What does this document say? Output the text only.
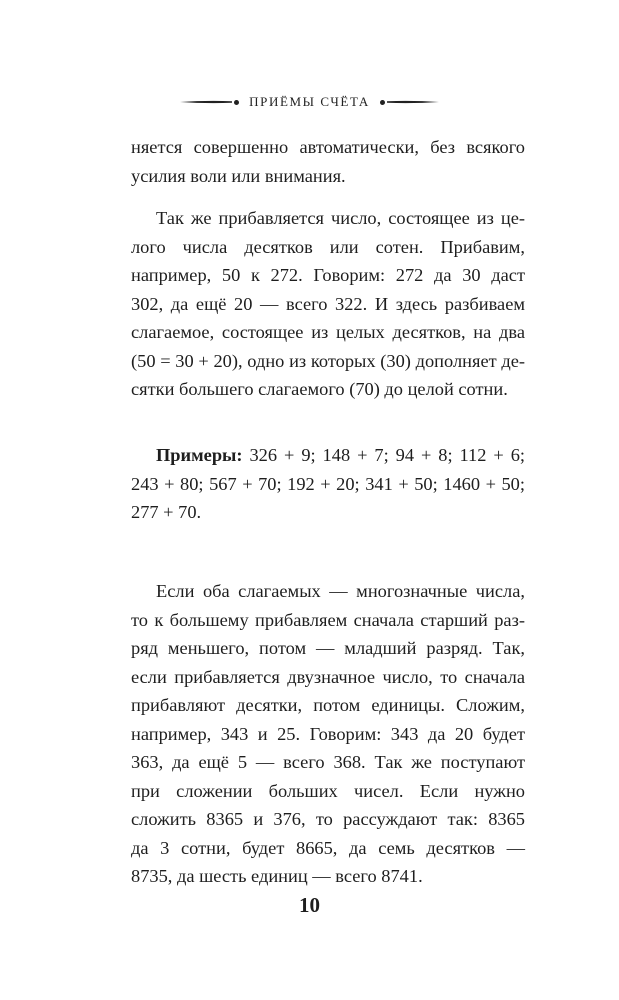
ПРИЁМЫ СЧЁТА
няется совершенно автоматически, без всякого
усилия воли или внимания.
Так же прибавляется число, состоящее из це-
лого числа десятков или сотен. Прибавим,
например, 50 к 272. Говорим: 272 да 30 даст
302, да ещё 20 — всего 322. И здесь разбиваем
слагаемое, состоящее из целых десятков, на два
(50 = 30 + 20), одно из которых (30) дополняет де-
сятки большего слагаемого (70) до целой сотни.
Примеры: 326 + 9; 148 + 7; 94 + 8; 112 + 6;
243 + 80; 567 + 70; 192 + 20; 341 + 50; 1460 + 50;
277 + 70.
Если оба слагаемых — многозначные числа,
то к большему прибавляем сначала старший раз-
ряд меньшего, потом — младший разряд. Так,
если прибавляется двузначное число, то сначала
прибавляют десятки, потом единицы. Сложим,
например, 343 и 25. Говорим: 343 да 20 будет
363, да ещё 5 — всего 368. Так же поступают
при сложении больших чисел. Если нужно
сложить 8365 и 376, то рассуждают так: 8365
да 3 сотни, будет 8665, да семь десятков —
8735, да шесть единиц — всего 8741.
10
